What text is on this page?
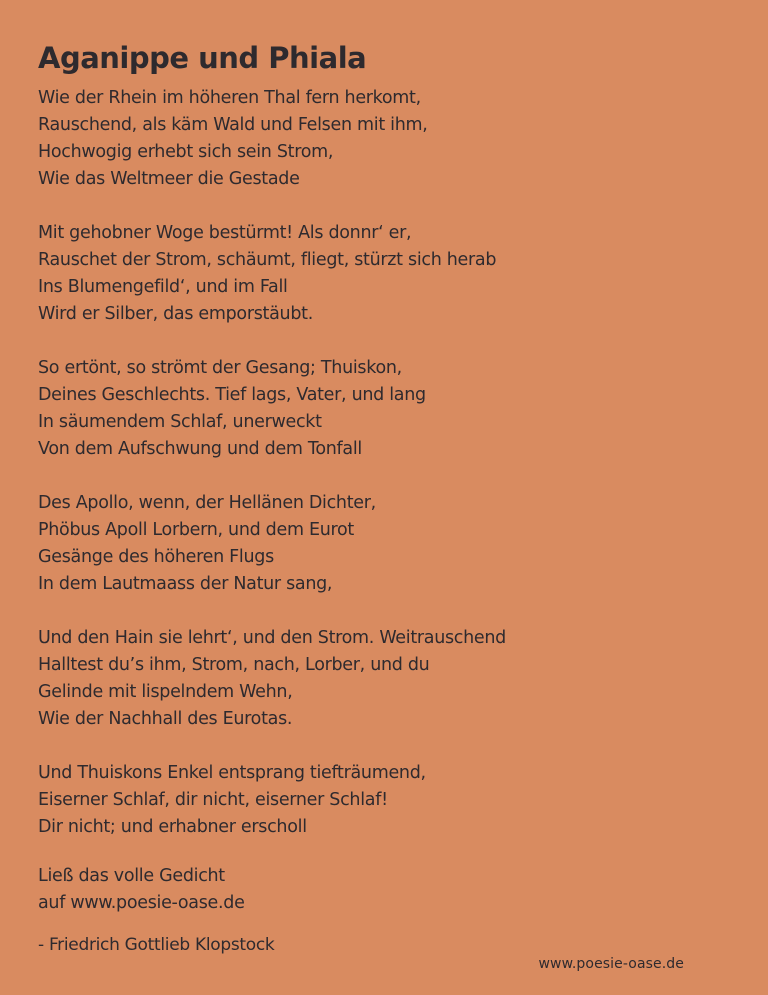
Aganippe und Phiala
Wie der Rhein im höheren Thal fern herkomt,
Rauschend, als käm Wald und Felsen mit ihm,
Hochwogig erhebt sich sein Strom,
Wie das Weltmeer die Gestade
Mit gehobner Woge bestürmt! Als donnr‘ er,
Rauschet der Strom, schäumt, fliegt, stürzt sich herab
Ins Blumengefild‘, und im Fall
Wird er Silber, das emporstäubt.
So ertönt, so strömt der Gesang; Thuiskon,
Deines Geschlechts. Tief lags, Vater, und lang
In säumendem Schlaf, unerweckt
Von dem Aufschwung und dem Tonfall
Des Apollo, wenn, der Hellänen Dichter,
Phöbus Apoll Lorbern, und dem Eurot
Gesänge des höheren Flugs
In dem Lautmaass der Natur sang,
Und den Hain sie lehrt‘, und den Strom. Weitrauschend
Halltest du’s ihm, Strom, nach, Lorber, und du
Gelinde mit lispelndem Wehn,
Wie der Nachhall des Eurotas.
Und Thuiskons Enkel entsprang tiefträumend,
Eiserner Schlaf, dir nicht, eiserner Schlaf!
Dir nicht; und erhabner erscholl
Ließ das volle Gedicht
auf www.poesie-oase.de
- Friedrich Gottlieb Klopstock
www.poesie-oase.de
